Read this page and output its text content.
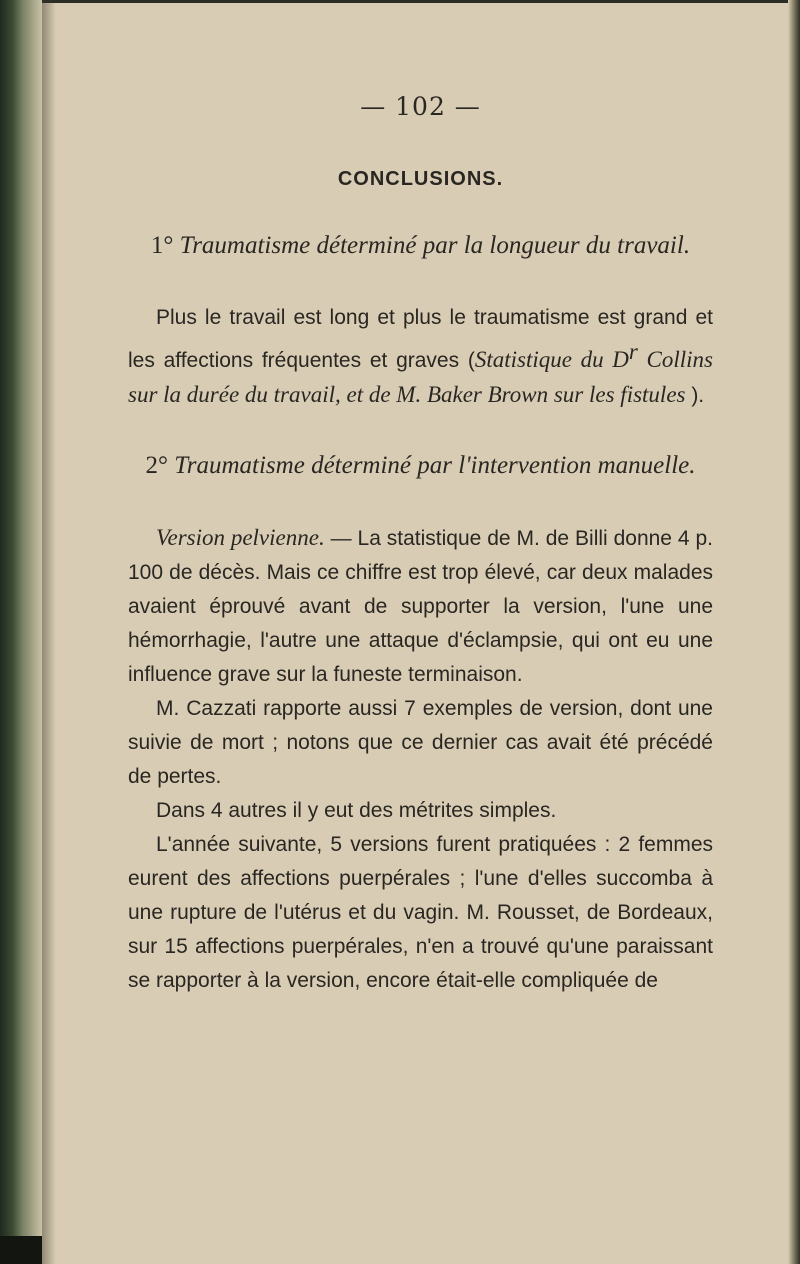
— 102 —

CONCLUSIONS.

1° Traumatisme déterminé par la longueur du travail.

Plus le travail est long et plus le traumatisme est grand et les affections fréquentes et graves (Statistique du $D^r$ Collins sur la durée du travail, et de M. Baker Brown sur les fistules ).

2° Traumatisme déterminé par l'intervention manuelle.

Version pelvienne. — La statistique de M. de Billi donne 4 p. 100 de décès. Mais ce chiffre est trop élevé, car deux malades avaient éprouvé avant de supporter la version, l'une une hémorrhagie, l'autre une attaque d'éclampsie, qui ont eu une influence grave sur la funeste terminaison.

M. Cazzati rapporte aussi 7 exemples de version, dont une suivie de mort ; notons que ce dernier cas avait été précédé de pertes.

Dans 4 autres il y eut des métrites simples.

L'année suivante, 5 versions furent pratiquées : 2 femmes eurent des affections puerpérales ; l'une d'elles succomba à une rupture de l'utérus et du vagin. M. Rousset, de Bordeaux, sur 15 affections puerpérales, n'en a trouvé qu'une paraissant se rapporter à la version, encore était-elle compliquée de
